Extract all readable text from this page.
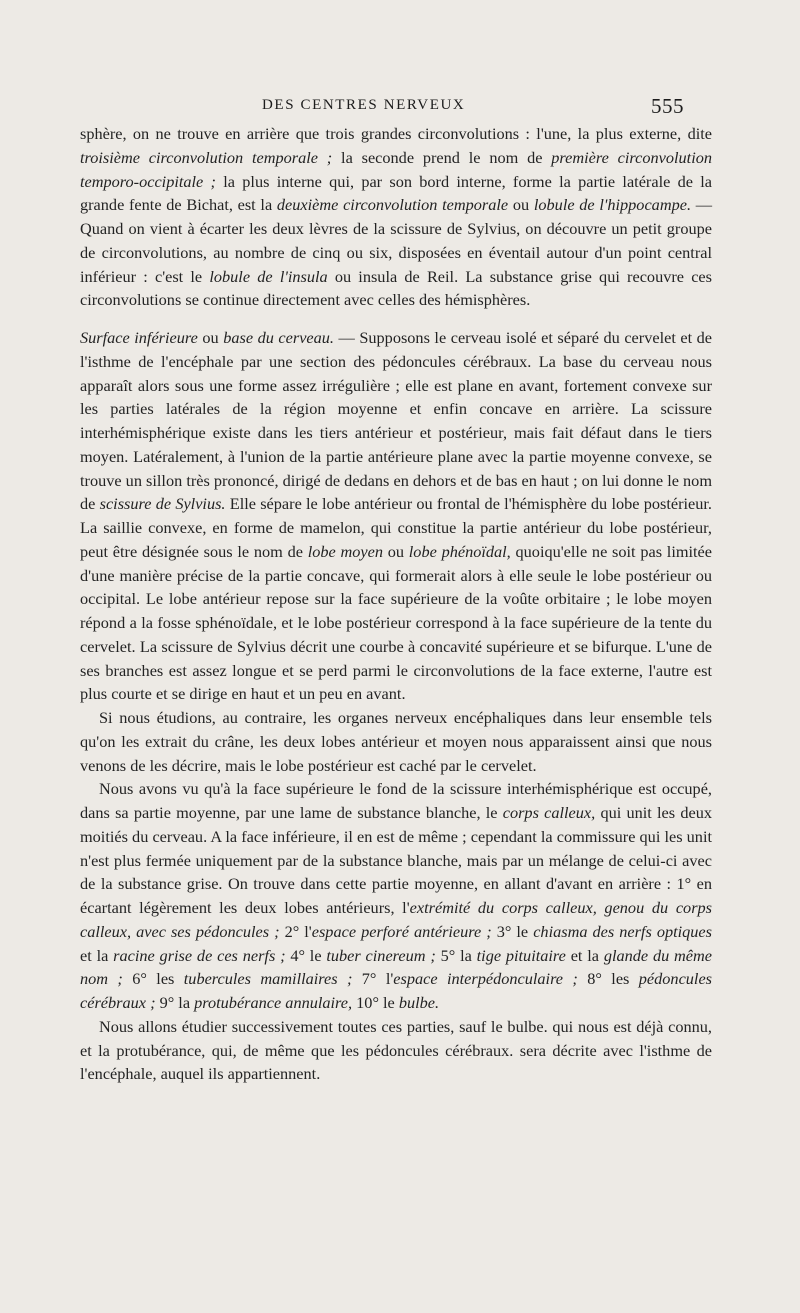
DES CENTRES NERVEUX	555

sphère, on ne trouve en arrière que trois grandes circonvolutions : l'une, la plus externe, dite troisième circonvolution temporale ; la seconde prend le nom de première circonvolution temporo-occipitale ; la plus interne qui, par son bord interne, forme la partie latérale de la grande fente de Bichat, est la deuxième circonvolution temporale ou lobule de l'hippocampe. — Quand on vient à écarter les deux lèvres de la scissure de Sylvius, on découvre un petit groupe de circonvolutions, au nombre de cinq ou six, disposées en éventail autour d'un point central inférieur : c'est le lobule de l'insula ou insula de Reil. La substance grise qui recouvre ces circonvolutions se continue directement avec celles des hémisphères.

Surface inférieure ou base du cerveau. — Supposons le cerveau isolé et séparé du cervelet et de l'isthme de l'encéphale par une section des pédoncules cérébraux. La base du cerveau nous apparaît alors sous une forme assez irrégulière ; elle est plane en avant, fortement convexe sur les parties latérales de la région moyenne et enfin concave en arrière. La scissure interhémisphérique existe dans les tiers antérieur et postérieur, mais fait défaut dans le tiers moyen. Latéralement, à l'union de la partie antérieure plane avec la partie moyenne convexe, se trouve un sillon très prononcé, dirigé de dedans en dehors et de bas en haut ; on lui donne le nom de scissure de Sylvius. Elle sépare le lobe antérieur ou frontal de l'hémisphère du lobe postérieur. La saillie convexe, en forme de mamelon, qui constitue la partie antérieur du lobe postérieur, peut être désignée sous le nom de lobe moyen ou lobe phénoïdal, quoiqu'elle ne soit pas limitée d'une manière précise de la partie concave, qui formerait alors à elle seule le lobe postérieur ou occipital. Le lobe antérieur repose sur la face supérieure de la voûte orbitaire ; le lobe moyen répond a la fosse sphénoïdale, et le lobe postérieur correspond à la face supérieure de la tente du cervelet. La scissure de Sylvius décrit une courbe à concavité supérieure et se bifurque. L'une de ses branches est assez longue et se perd parmi le circonvolutions de la face externe, l'autre est plus courte et se dirige en haut et un peu en avant.

Si nous étudions, au contraire, les organes nerveux encéphaliques dans leur ensemble tels qu'on les extrait du crâne, les deux lobes antérieur et moyen nous apparaissent ainsi que nous venons de les décrire, mais le lobe postérieur est caché par le cervelet.

Nous avons vu qu'à la face supérieure le fond de la scissure interhémisphérique est occupé, dans sa partie moyenne, par une lame de substance blanche, le corps calleux, qui unit les deux moitiés du cerveau. A la face inférieure, il en est de même ; cependant la commissure qui les unit n'est plus fermée uniquement par de la substance blanche, mais par un mélange de celui-ci avec de la substance grise. On trouve dans cette partie moyenne, en allant d'avant en arrière : 1° en écartant légèrement les deux lobes antérieurs, l'extrémité du corps calleux, genou du corps calleux, avec ses pédoncules ; 2° l'espace perforé antérieure ; 3° le chiasma des nerfs optiques et la racine grise de ces nerfs ; 4° le tuber cinereum ; 5° la tige pituitaire et la glande du même nom ; 6° les tubercules mamillaires ; 7° l'espace interpédonculaire ; 8° les pédoncules cérébraux ; 9° la protubérance annulaire, 10° le bulbe.

Nous allons étudier successivement toutes ces parties, sauf le bulbe. qui nous est déjà connu, et la protubérance, qui, de même que les pédoncules cérébraux. sera décrite avec l'isthme de l'encéphale, auquel ils appartiennent.
